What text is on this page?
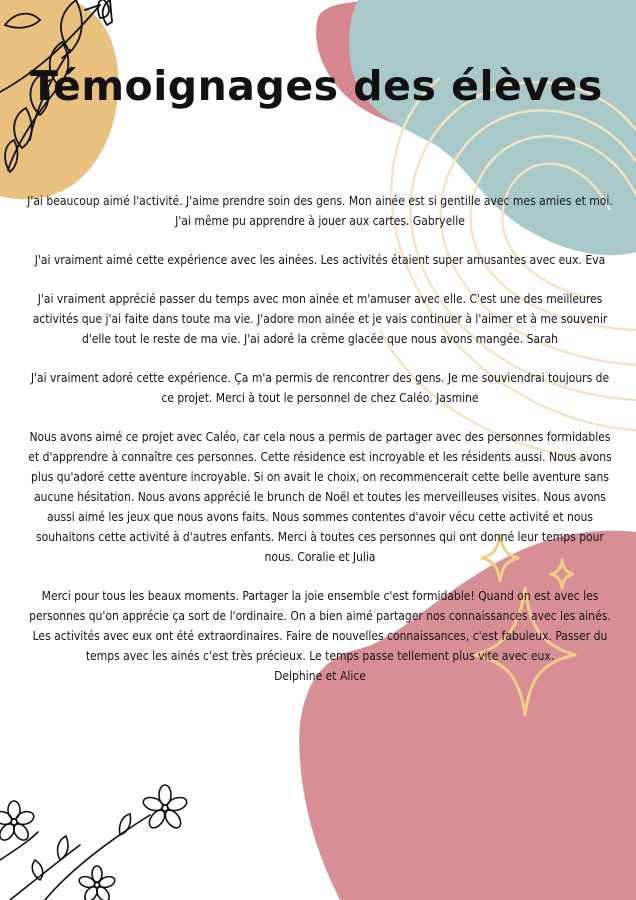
Témoignages des élèves

J'ai beaucoup aimé l'activité. J'aime prendre soin des gens. Mon ainée est si gentille avec mes amies et moi. J'ai même pu apprendre à jouer aux cartes. Gabryelle

J'ai vraiment aimé cette expérience avec les ainées. Les activités étaient super amusantes avec eux. Eva

J'ai vraiment apprécié passer du temps avec mon ainée et m'amuser avec elle. C'est une des meilleures activités que j'ai faite dans toute ma vie. J'adore mon ainée et je vais continuer à l'aimer et à me souvenir d'elle tout le reste de ma vie. J'ai adoré la crème glacée que nous avons mangée. Sarah

J'ai vraiment adoré cette expérience. Ça m'a permis de rencontrer des gens. Je me souviendrai toujours de ce projet. Merci à tout le personnel de chez Caléo. Jasmine

Nous avons aimé ce projet avec Caléo, car cela nous a permis de partager avec des personnes formidables et d'apprendre à connaître ces personnes. Cette résidence est incroyable et les résidents aussi. Nous avons plus qu'adoré cette aventure incroyable. Si on avait le choix, on recommencerait cette belle aventure sans aucune hésitation. Nous avons apprécié le brunch de Noël et toutes les merveilleuses visites. Nous avons aussi aimé les jeux que nous avons faits. Nous sommes contentes d'avoir vécu cette activité et nous souhaitons cette activité à d'autres enfants. Merci à toutes ces personnes qui ont donné leur temps pour nous. Coralie et Julia

Merci pour tous les beaux moments. Partager la joie ensemble c'est formidable! Quand on est avec les personnes qu'on apprécie ça sort de l'ordinaire. On a bien aimé partager nos connaissances avec les ainés. Les activités avec eux ont été extraordinaires. Faire de nouvelles connaissances, c'est fabuleux. Passer du temps avec les ainés c'est très précieux. Le temps passe tellement plus vite avec eux.

Delphine et Alice
